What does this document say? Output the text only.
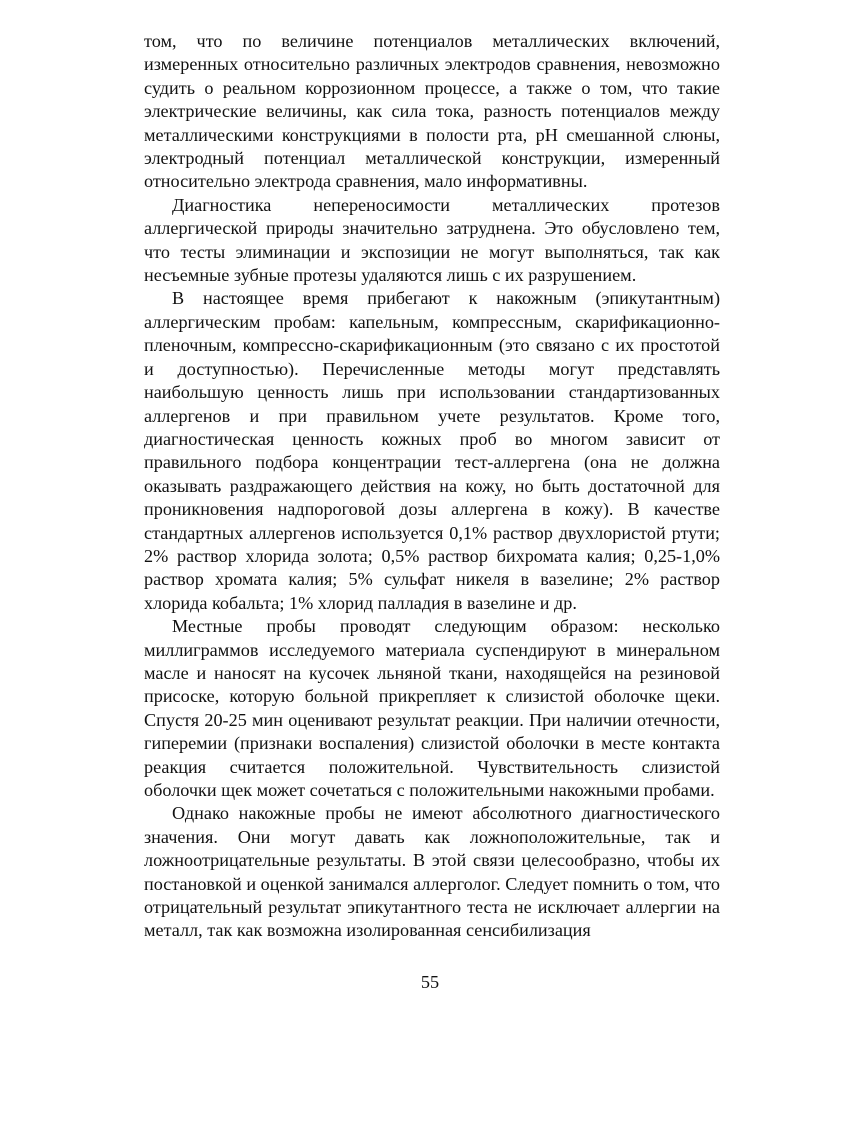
том, что по величине потенциалов металлических включений, измеренных относительно различных электродов сравнения, невозможно судить о реальном коррозионном процессе, а также о том, что такие электрические величины, как сила тока, разность потенциалов между металлическими конструкциями в полости рта, pH смешанной слюны, электродный потенциал металлической конструкции, измеренный относительно электрода сравнения, мало информативны.

Диагностика непереносимости металлических протезов аллергической природы значительно затруднена. Это обусловлено тем, что тесты элиминации и экспозиции не могут выполняться, так как несъемные зубные протезы удаляются лишь с их разрушением.

В настоящее время прибегают к накожным (эпикутантным) аллергическим пробам: капельным, компрессным, скарификационно-пленочным, компрессно-скарификационным (это связано с их простотой и доступностью). Перечисленные методы могут представлять наибольшую ценность лишь при использовании стандартизованных аллергенов и при правильном учете результатов. Кроме того, диагностическая ценность кожных проб во многом зависит от правильного подбора концентрации тест-аллергена (она не должна оказывать раздражающего действия на кожу, но быть достаточной для проникновения надпороговой дозы аллергена в кожу). В качестве стандартных аллергенов используется 0,1% раствор двухлористой ртути; 2% раствор хлорида золота; 0,5% раствор бихромата калия; 0,25-1,0% раствор хромата калия; 5% сульфат никеля в вазелине; 2% раствор хлорида кобальта; 1% хлорид палладия в вазелине и др.

Местные пробы проводят следующим образом: несколько миллиграммов исследуемого материала суспендируют в минеральном масле и наносят на кусочек льняной ткани, находящейся на резиновой присоске, которую больной прикрепляет к слизистой оболочке щеки. Спустя 20-25 мин оценивают результат реакции. При наличии отечности, гиперемии (признаки воспаления) слизистой оболочки в месте контакта реакция считается положительной. Чувствительность слизистой оболочки щек может сочетаться с положительными накожными пробами.

Однако накожные пробы не имеют абсолютного диагностического значения. Они могут давать как ложноположительные, так и ложноотрицательные результаты. В этой связи целесообразно, чтобы их постановкой и оценкой занимался аллерголог. Следует помнить о том, что отрицательный результат эпикутантного теста не исключает аллергии на металл, так как возможна изолированная сенсибилизация

55
